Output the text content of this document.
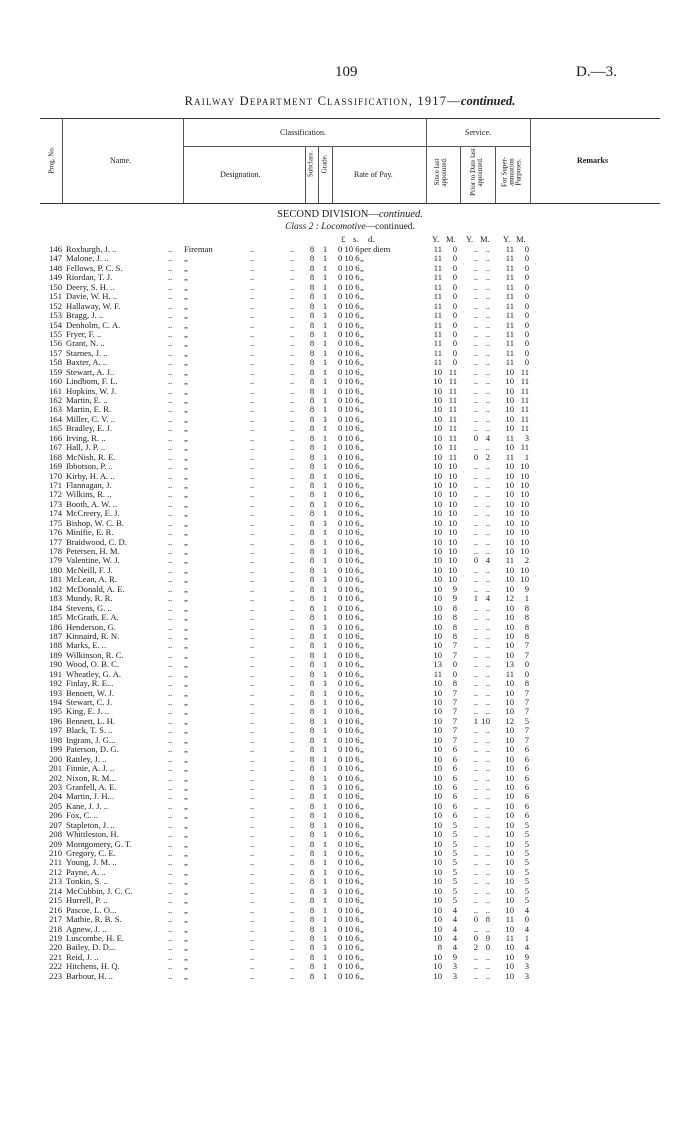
109	D.—3.
Railway Department Classification, 1917—continued.
Prog. No.	Name.
Classification.
Designation.	Subclass. Grade.
Rate of Pay.
Service.
Since last appointed.	Prior to Date last appointed. For Super-annuation Purposes.	Remarks
SECOND DIVISION—continued.
Class 2 : Locomotive—continued.
£ s. d.	Y. M. Y. M. Y. M.
146 Roxburgh, J. ..	.. Fireman	..	..	8	1	0 10 6 per diem	11	0	.. ..	11	0
147 Malone, J. ..	.. „	..	..	8	1	0 10 6 „	11	0	.. ..	11	0
148 Fellows, P. C. S.	.. „	..	..	8	1	0 10 6 „	11	0	.. ..	11	0
149 Riordan, T. J.	.. „	..	..	8	1	0 10 6 „	11	0	.. ..	11	0
150 Deery, S. H. ..	.. „	..	..	8	1	0 10 6 „	11	0	.. ..	11	0
151 Davie, W. H. ..	.. „	..	..	8	1	0 10 6 „	11	0	.. ..	11	0
152 Hallaway, W. F.	.. „	..	..	8	1	0 10 6 „	11	0	.. ..	11	0
153 Bragg, J. ..	.. „	..	..	8	1	0 10 6 „	11	0	.. ..	11	0
154 Denholm, C. A.	.. „	..	..	8	1	0 10 6 „	11	0	.. ..	11	0
155 Fryer, F. ..	.. „	..	..	8	1	0 10 6 „	11	0	.. ..	11	0
156 Grant, N. ..	.. „	..	..	8	1	0 10 6 „	11	0	.. ..	11	0
157 Starnes, J. ..	.. „	..	..	8	1	0 10 6 „	11	0	.. ..	11	0
158 Baxter, A. ..	.. „	..	..	8	1	0 10 6 „	11	0	.. ..	11	0
159 Stewart, A. J..	.. „	..	..	8	1	0 10 6 „	10 11	.. ..	10 11
160 Lindbom, F. L.	.. „	..	..	8	1	0 10 6 „	10 11	.. ..	10 11
161 Hopkins, W. J.	.. „	..	..	8	1	0 10 6 „	10 11	.. ..	10 11
162 Martin, E. ..	.. „	..	..	8	1	0 10 6 „	10 11	.. ..	10 11
163 Martin, E. R.	.. „	..	..	8	1	0 10 6 „	10 11	.. ..	10 11
164 Miller, C. V. ..	.. „	..	..	8	1	0 10 6 „	10 11	.. ..	10 11
165 Bradley, E. J.	.. „	..	..	8	1	0 10 6 „	10 11	.. ..	10 11
166 Irving, R. ..	.. „	..	..	8	1	0 10 6 „	10 11	0 4	11	3
167 Hall, J. P. ..	.. „	..	..	8	1	0 10 6 „	10 11	.. ..	10 11
168 McNish, R. E.	.. „	..	..	8	1	0 10 6 „	10 11	0 2	11	1
169 Ibbotson, P. ..	.. „	..	..	8	1	0 10 6 „	10 10	.. ..	10 10
170 Kirby, H. A. ..	.. „	..	..	8	1	0 10 6 „	10 10	.. ..	10 10
171 Flannagan, J.	.. „	..	..	8	1	0 10 6 „	10 10	.. ..	10 10
172 Wilkins, R. ..	.. „	..	..	8	1	0 10 6 „	10 10	.. ..	10 10
173 Booth, A. W. ..	.. „	..	..	8	1	0 10 6 „	10 10	.. ..	10 10
174 McCreery, E. J.	.. „	..	..	8	1	0 10 6 „	10 10	.. ..	10 10
175 Bishop, W. C. B.	.. „	..	..	8	1	0 10 6 „	10 10	.. ..	10 10
176 Minifie, E. R.	.. „	..	..	8	1	0 10 6 „	10 10	.. ..	10 10
177 Braidwood, C. D.	.. „	..	..	8	1	0 10 6 „	10 10	.. ..	10 10
178 Petersen, H. M.	.. „	..	..	8	1	0 10 6 „	10 10	.. ..	10 10
179 Valentine, W. J.	.. „	..	..	8	1	0 10 6 „	10 10	0 4	11	2
180 McNeill, F. J.	.. „	..	..	8	1	0 10 6 „	10 10	.. ..	10 10
181 McLean, A. R.	.. „	..	..	8	1	0 10 6 „	10 10	.. ..	10 10
182 McDonald, A. E.	.. „	..	..	8	1	0 10 6 „	10	9	.. ..	10	9
183 Mundy, R. R.	.. „	..	..	8	1	0 10 6 „	10	9	1 4	12	1
184 Stevens, G. ..	.. „	..	..	8	1	0 10 6 „	10	8	.. ..	10	8
185 McGrath, E. A.	.. „	..	..	8	1	0 10 6 „	10	8	.. ..	10	8
186 Henderson, G.	.. „	..	..	8	1	0 10 6 „	10	8	.. ..	10	8
187 Kinnaird, R. N.	.. „	..	..	8	1	0 10 6 „	10	8	.. ..	10	8
188 Marks, E. ..	.. „	..	..	8	1	0 10 6 „	10	7	.. ..	10	7
189 Wilkinson, R. C.	.. „	..	..	8	1	0 10 6 „	10	7	.. ..	10	7
190 Wood, O. B. C.	.. „	..	..	8	1	0 10 6 „	13	0	.. ..	13	0
191 Wheatley, G. A.	.. „	..	..	8	1	0 10 6 „	11	0	.. ..	11	0
192 Finlay, R. E...	.. „	..	..	8	1	0 10 6 „	10	8	.. ..	10	8
193 Bennett, W. J.	.. „	..	..	8	1	0 10 6 „	10	7	.. ..	10	7
194 Stewart, C. J.	.. „	..	..	8	1	0 10 6 „	10	7	.. ..	10	7
195 King, E. J. ..	.. „	..	..	8	1	0 10 6 „	10	7	.. ..	10	7
196 Bennett, L. H.	.. „	..	..	8	1	0 10 6 „	10	7	1 10	12	5
197 Black, T. S. ..	.. „	..	..	8	1	0 10 6 „	10	7	.. ..	10	7
198 Ingram, J. G...	.. „	..	..	8	1	0 10 6 „	10	7	.. ..	10	7
199 Paterson, D. G.	.. „	..	..	8	1	0 10 6 „	10	6	.. ..	10	6
200 Rattley, J. ..	.. „	..	..	8	1	0 10 6 „	10	6	.. ..	10	6
201 Finnie, A. J. ..	.. „	..	..	8	1	0 10 6 „	10	6	.. ..	10	6
202 Nixon, R. M...	.. „	..	..	8	1	0 10 6 „	10	6	.. ..	10	6
203 Granfell, A. E.	.. „	..	..	8	1	0 10 6 „	10	6	.. ..	10	6
204 Martin, J. H...	.. „	..	..	8	1	0 10 6 „	10	6	.. ..	10	6
205 Kane, J. J. ..	.. „	..	..	8	1	0 10 6 „	10	6	.. ..	10	6
206 Fox, C. ..	.. „	..	..	8	1	0 10 6 „	10	6	.. ..	10	6
207 Stapleton, J. ..	.. „	..	..	8	1	0 10 6 „	10	5	.. ..	10	5
208 Whittleston, H.	.. „	..	..	8	1	0 10 6 „	10	5	.. ..	10	5
209 Montgomery, G. T.	.. „	..	..	8	1	0 10 6 „	10	5	.. ..	10	5
210 Gregory, C. E.	.. „	..	..	8	1	0 10 6 „	10	5	.. ..	10	5
211 Young, J. M. ..	.. „	..	..	8	1	0 10 6 „	10	5	.. ..	10	5
212 Payne, A. ..	.. „	..	..	8	1	0 10 6 „	10	5	.. ..	10	5
213 Tonkin, S. ..	.. „	..	..	8	1	0 10 6 „	10	5	.. ..	10	5
214 McCubbin, J. C. C.	.. „	..	..	8	1	0 10 6 „	10	5	.. ..	10	5
215 Hurrell, P. ..	.. „	..	..	8	1	0 10 6 „	10	5	.. ..	10	5
216 Pascoe, L. O...	.. „	..	..	8	1	0 10 6 „	10	4	.. ..	10	4
217 Mathie, R. B. S.	.. „	..	..	8	1	0 10 6 „	10	4	0 8	11	0
218 Agnew, J. ..	.. „	..	..	8	1	0 10 6 „	10	4	.. ..	10	4
219 Luscombe, H. E.	.. „	..	..	8	1	0 10 6 „	10	4	0 9	11	1
220 Bailey, D. D...	.. „	..	..	8	1	0 10 6 „	8	4	2 0	10	4
221 Reid, J. ..	.. „	..	..	8	1	0 10 6 „	10	9	.. ..	10	9
222 Hitchens, H. Q.	.. „	..	..	8	1	0 10 6 „	10	3	.. ..	10	3
223 Barbour, H. ..	.. „	..	..	8	1	0 10 6 „	10	3	.. ..	10	3
